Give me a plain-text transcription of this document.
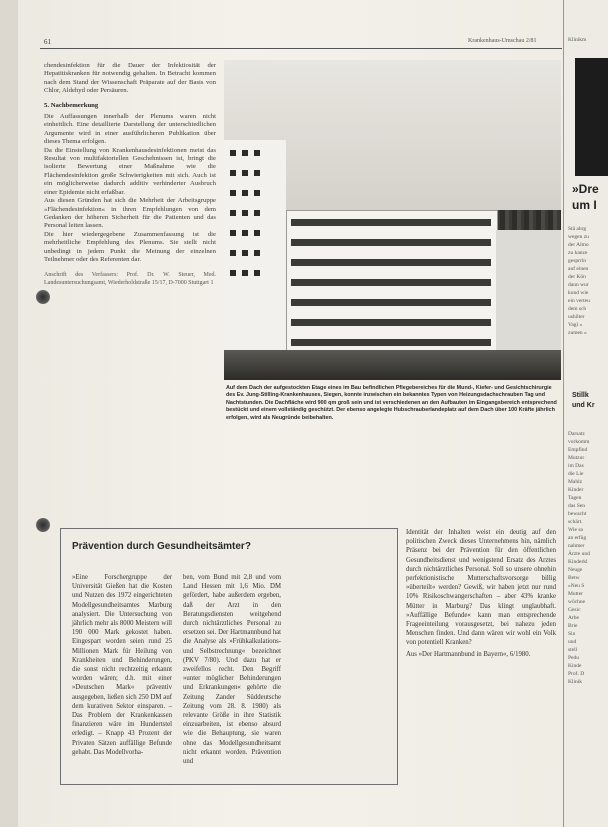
61	Krankenhaus-Umschau 2/81

chendesinfektion für die Dauer der Infektiosität der Hepatitiskranken für notwendig gehalten. In Betracht kommen nach dem Stand der Wissenschaft Präparate auf der Basis von Chlor, Aldehyd oder Persäuren.

5. Nachbemerkung

Die Auffassungen innerhalb der Plenums waren nicht einheitlich. Eine detaillierte Darstellung der unterschiedlichen Argumente wird in einer ausführlicheren Publikation über dieses Thema erfolgen.

Da die Einstellung von Krankenhausdesinfektionen meist das Resultat von multifaktoriellen Geschehnissen ist, bringt die isolierte Bewertung einer Maßnahme wie die Flächendesinfektion große Schwierigkeiten mit sich. Auch ist ein möglicherweise dadurch additiv verhinderter Ausbruch einer Epidemie nicht erfaßbar.

Aus diesen Gründen hat sich die Mehrheit der Arbeitsgruppe »Flächendesinfektion« in ihren Empfehlungen von dem Gedanken der höheren Sicherheit für die Patienten und das Personal leiten lassen.

Die hier wiedergegebene Zusammenfassung ist die mehrheitliche Empfehlung des Plenums. Sie stellt nicht unbedingt in jedem Punkt die Meinung der einzelnen Teilnehmer oder des Referenten dar.

Anschrift des Verfassers: Prof. Dr. W. Steuer, Med. Landesuntersuchungsamt, Wiederholdstraße 15/17, D-7000 Stuttgart 1

Auf dem Dach der aufgestockten Etage eines im Bau befindlichen Pflegebereiches für die Mund-, Kiefer- und Gesichtschirurgie des Ev. Jung-Stilling-Krankenhauses, Siegen, konnte inzwischen ein bekanntes Typen von Heizungsdachschrauben Tag und Nachtstunden. Die Dachfläche wird 900 qm groß sein und ist verschiedenen an den Aufbauten im Eingangsbereich entsprechend bestückt und einem vollständig geschützt. Der ebenso angelegte Hubschrauberlandeplatz auf dem Dach über 100 Kräfte jährlich erfolgen, wird als Neugründe beibehalten.
Prävention durch Gesundheitsämter?

»Eine Forschergruppe der Universität Gießen hat die Kosten und Nutzen des 1972 eingerichteten Modellgesundheitsamtes Marburg analysiert. Die Untersuchung von jährlich mehr als 8000 Meistern will 190 000 Mark gekostet haben. Eingespart worden seien rund 25 Millionen Mark für Heilung von Krankheiten und Behinderungen, die sonst nicht rechtzeitig erkannt worden wären; d.h. mit einer »Deutschen Mark« präventiv ausgegeben, ließen sich 250 DM auf dem kurativen Sektor einsparen. – Das Problem der Krankenkassen finanzieren wäre im Hundertstel erledigt. – Knapp 43 Prozent der Privaten Sätzen auffällige Befunde gehabt. Das Modellvorha-

ben, vom Bund mit 2,8 und vom Land Hessen mit 1,6 Mio. DM gefördert, habe außerdem ergeben, daß der Arzt in den Beratungsdiensten weitgehend durch nichtärztliches Personal zu ersetzen sei. Der Hartmannbund hat die Analyse als »Frühkalkulations- und Selbstrechnung« bezeichnet (PKV 7/80). Und dazu hat er zweifellos recht. Den Begriff »unter möglicher Behinderungen und Erkrankungen« gehörte die Zeitung Zander Süddeutsche Zeitung vom 28. 8. 1980) als relevante Größe in ihre Statistik einzuarbeiten, ist ebenso absurd wie die Behauptung, sie waren ohne das Modellgesundheitsamt nicht erkannt worden. Prävention und

Identität der Inhalten weist ein deutig auf den politischen Zweck dieses Unternehmens hin, nämlich Präsenz bei der Prävention für den öffentlichen Gesundheitsdienst und wenigstend Ersatz des Arztes durch nichtärztliches Personal. Soll so unsere ohnehin perfektionistische Mutterschaftsvorsorge billig »überteilt« werden? Gewiß, wir haben jetzt nur rund 10% Risikoschwangerschaften – aber 43% kranke Mütter in Marburg? Das klingt unglaubhaft. »Auffällige Befunde« kann man entsprechende Frageeinteilung vorausgesetzt, bei nahezu jeden Menschen finden. Und dann wären wir wohl ein Volk von potentiell Kranken?

Aus »Der Hartmannbund in Bayern«, 6/1980.

Klinikm
Stä ahrg
wegen zu
der Almo
zu kanze
gesprrin
auf einen
der Kön
dann wur
kund wie
ein verteu
dem sch
ushilter
Vagl »
zumen »
Darsatz
vorkomm
Empfind
Mutzur
im Das
die Lie
Mahlz
Kinder
Tagen
das Sen
bewacht
schärt.
Wie so
an erfüg
nahmer
Ärzte und
Kinderkl
Neuge
Betw
»Neu S
Mutter
wöchne
Gesic
Arbe
Brie
Sin
und
stell
Pedu
Kinde
Prof. D
Klinik
»Dre
um I
Stillk
und Kr
